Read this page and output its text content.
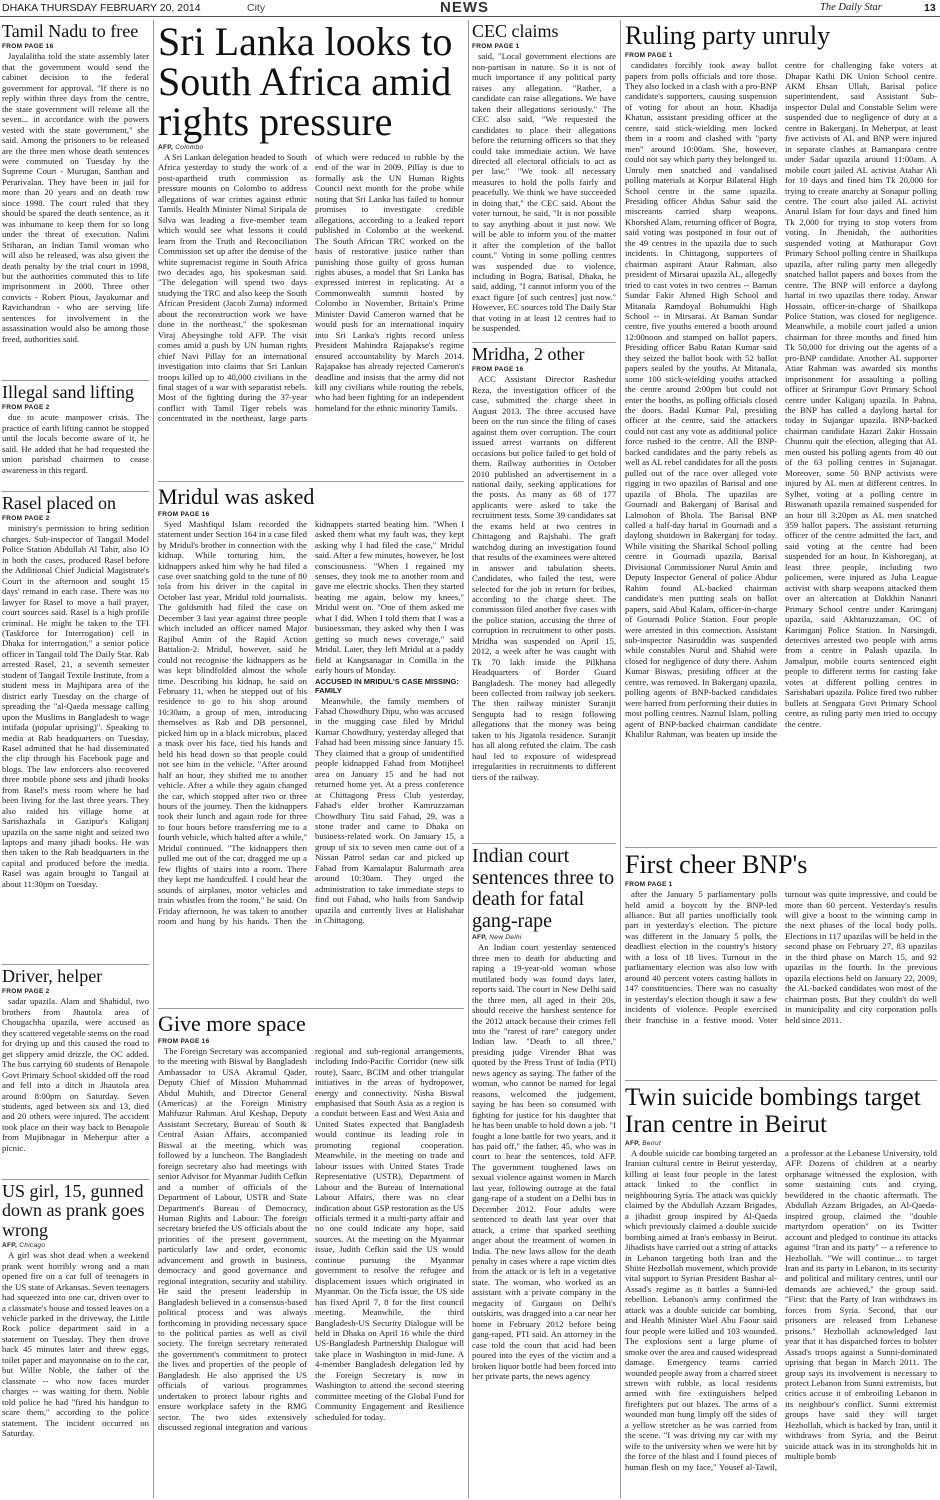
DHAKA THURSDAY FEBRUARY 20, 2014	City	NEWS	The Daily Star	13
Tamil Nadu to free
FROM PAGE 16

Jayalalitha told the state assembly later that the government would send the cabinet decision to the federal government for approval. "If there is no reply within three days from the centre, the state government will release all the seven... in accordance with the powers vested with the state government," she said. Among the prisoners to be released are the three men whose death sentences were commuted on Tuesday by the Supreme Court - Murugan, Santhan and Perarivalan. They have been in jail for more than 20 years and on death row since 1998. The court ruled that they should be spared the death sentence, as it was inhumane to keep them for so long under the threat of execution. Nalini Sriharan, an Indian Tamil woman who will also be released, was also given the death penalty by the trial court in 1998, but the authorities commuted this to life imprisonment in 2000. Three other convicts - Robert Pious, Jayakumar and Ravichandran - who are serving life sentences for involvement in the assassination would also be among those freed, authorities said.

Illegal sand lifting
FROM PAGE 2

due to acute manpower crisis. The practice of earth lifting cannot be stopped until the locals become aware of it, he said. He added that he had requested the union parishad chairmen to cease awareness in this regard.

Rasel placed on
FROM PAGE 2

ministry's permission to bring sedition charges. Sub-inspector of Tangail Model Police Station Abdullah Al Tahir, also IO in both the cases, produced Rasel before the Additional Chief Judicial Magistrate's Court in the afternoon and sought 15 days' remand in each case. There was no lawyer for Rasel to move a bail prayer, court sources said. Rasel is a high profile criminal. He might be taken to the TFI (Taskforce for Interrogation) cell in Dhaka for interrogation," a senior police officer in Tangail told The Daily Star. Rab arrested Rasel, 21, a seventh semester student of Tangail Textile Institute, from a student mess in Majhipara area of the district early Tuesday on the charge of spreading the "al-Qaeda message calling upon the Muslims in Bangladesh to wage intifada (popular uprising)". Speaking to media at Rab headquarters on Tuesday, Rasel admitted that he had disseminated the clip through his Facebook page and blogs. The law enforcers also recovered three mobile phone sets and jihadi books from Rasel's mess room where he had been living for the last three years. They also raided his village home at Sarishazhala in Gazipur's Kaliganj upazila on the same night and seized two laptops and many jihadi books. He was then taken to the Rab headquarters in the capital and produced before the media. Rasel was again brought to Tangail at about 11:30pm on Tuesday.

Driver, helper
FROM PAGE 2

sadar upazila. Alam and Shahidul, two brothers from Jhautola area of Chougachha upazila, were accused as they scattered vegetable stems on the road for drying up and this caused the road to get slippery amid drizzle, the OC added. The bus carrying 60 students of Benapole Govt Primary School skidded off the road and fell into a ditch in Jhautola area around 8:00pm on Saturday. Seven students, aged between six and 13, died and 20 others were injured. The accident took place on their way back to Benapole from Mujibnagar in Meherpur after a picnic.

US girl, 15, gunned down as prank goes wrong
AFP, Chicago

A girl was shot dead when a weekend prank went horribly wrong and a man opened fire on a car full of teenagers in the US state of Arkansas. Seven teenagers had squeezed into one car, driven over to a classmate's house and tossed leaves on a vehicle parked in the driveway, the Little Rock police department said in a statement on Tuesday. They then drove back 45 minutes later and threw eggs, toilet paper and mayonnaise on to the car, but Willie Noble, the father of the classmate -- who now faces murder charges -- was waiting for them. Noble told police he had "fired his handgun to scare them," according to the police statement. The incident occurred on Saturday.

Sri Lanka looks to South Africa amid rights pressure
AFP, Colombo

A Sri Lankan delegation headed to South Africa yesterday to study the work of a post-apartheid truth commission as pressure mounts on Colombo to address allegations of war crimes against ethnic Tamils. Health Minister Nimal Siripala de Silva was leading a five-member team which would see what lessons it could learn from the Truth and Reconciliation Commission set up after the demise of the white supremacist regime in South Africa two decades ago, his spokesman said. "The delegation will spend two days studying the TRC and also keep the South African President (Jacob Zuma) informed about the reconstruction work we have done in the northeast," the spokesman Viraj Abeysinghe told AFP. The visit comes amid a push by UN human rights chief Navi Pillay for an international investigation into claims that Sri Lankan troops killed up to 40,000 civilians in the final stages of a war with separatist rebels. Most of the fighting during the 37-year conflict with Tamil Tiger rebels was concentrated in the northeast, large parts of which were reduced to rubble by the end of the war in 2009. Pillay is due to formally ask the UN Human Rights Council next month for the probe while noting that Sri Lanka has failed to honour promises to investigate credible allegations, according to a leaked report published in Colombo at the weekend. The South African TRC worked on the basis of restorative justice rather than punishing those guilty of gross human rights abuses, a model that Sri Lanka has expressed interest in replicating. At a Commonwealth summit hosted by Colombo in November, Britain's Prime Minister David Cameron warned that he would push for an international inquiry into Sri Lanka's rights record unless President Mahindra Rajapakse's regime ensured accountability by March 2014. Rajapakse has already rejected Cameron's deadline and insists that the army did not kill any civilians while routing the rebels, who had been fighting for an independent homeland for the ethnic minority Tamils.

Mridul was asked
FROM PAGE 16

Syed Mashfiqul Islam recorded the statement under Section 164 in a case filed by Mridul's brother in connection with the kidnap. While torturing him, the kidnappers asked him why he had filed a case over snatching gold to the tune of 80 tola from his driver in the capital in October last year, Mridul told journalists. The goldsmith had filed the case on December 3 last year against three people which included an officer named Major Rajibul Amin of the Rapid Action Battalion-2. Mridul, however, said he could not recognise the kidnappers as he was kept blindfolded almost the whole time. Describing his kidnap, he said on February 11, when he stepped out of his residence to go to his shop around 10:30am, a group of men, introducing themselves as Rab and DB personnel, picked him up in a black microbus, placed a mask over his face, tied his hands and held his head down so that people could not see him in the vehicle. "After around half an hour, they shifted me to another vehicle. After a while they again changed the car, which stopped after two or three hours of the journey. Then the kidnappers took their lunch and again rode for three to four hours before transferring me to a fourth vehicle, which halted after a while," Mridul continued. "The kidnappers then pulled me out of the car, dragged me up a few flights of stairs into a room. There they kept me handcuffed. I could hear the sounds of airplanes, motor vehicles and train whistles from the room," he said. On Friday afternoon, he was taken to another room and hung by his hands. Then the kidnappers started beating him. "When I asked them what my fault was, they kept asking why I had filed the case," Mridul said. After a few minutes, however, he lost consciousness. "When I regained my senses, they took me to another room and gave me electric shocks. Then they started beating me again, below my knees," Mridul went on. "One of them asked me what I did. When I told them that I was a businessman, they asked why then I was getting so much news coverage," said Mridul. Later, they left Mridul at a paddy field at Kangsanagar in Comilla in the early hours of Monday.

ACCUSED IN MRIDUL'S CASE MISSING: FAMILY

Meanwhile, the family members of Fahad Chowdhury Dipu, who was accused in the mugging case filed by Mridul Kumar Chowdhury, yesterday alleged that Fahad had been missing since January 15. They claimed that a group of unidentified people kidnapped Fahad from Motijheel area on January 15 and he had not returned home yet. At a press conference at Chittagong Press Club yesterday, Fahad's elder brother Kamruzzaman Chowdhury Titu said Fahad, 29, was a stone trader and came to Dhaka on business-related work. On January 15, a group of six to seven men came out of a Nissan Patrol sedan car and picked up Fahad from Kamalapur Balurmath area around 10:30am. They urged the administration to take immediate steps to find out Fahad, who hails from Sandwip upazila and currently lives at Halishahar in Chittagong.

Give more space
FROM PAGE 16

The Foreign Secretary was accompanied to the meeting with Biswal by Bangladesh Ambassador to USA Akramul Qader, Deputy Chief of Mission Muhammad Abdul Muhith, and Director General (Americas) at the Foreign Ministry Mahfuzur Rahman. Atul Keshap, Deputy Assistant Secretary, Bureau of South & Central Asian Affairs, accompanied Biswal at the meeting, which was followed by a luncheon. The Bangladesh foreign secretary also had meetings with senior Advisor for Myanmar Judith Cefkin and a number of officials of the Department of Labour, USTR and State Department's Bureau of Democracy, Human Rights and Labour. The foreign secretary briefed the US officials about the priorities of the present government, particularly law and order, economic advancement and growth in business, democracy and good governance and regional integration, security and stability. He said the present leadership in Bangladesh believed in a consensus-based political process and was always forthcoming in providing necessary space to the political parties as well as civil society. The foreign secretary reiterated the government's commitment to protect the lives and properties of the people of Bangladesh. He also apprised the US officials of various programmes undertaken to protect labour rights and ensure workplace safety in the RMG sector. The two sides extensively discussed regional integration and various regional and sub-regional arrangements, including Indo-Pacific Corridor (new silk route), Saarc, BCIM and other triangular initiatives in the areas of hydropower, energy and connectivity. Nisha Biswal emphasised that South Asia as a region is a conduit between East and West Asia and United States expected that Bangladesh would continue its leading role in promoting regional cooperation. Meanwhile, in the meeting on trade and labour issues with United States Trade Representative (USTR), Department of Labour and the Bureau of International Labour Affairs, there was no clear indication about GSP restoration as the US officials termed it a multi-party affair and no one could indicate any hope, said sources. At the meeting on the Myanmar issue, Judith Cefkin said the US would continue pursuing the Myanmar government to resolve the refugee and displacement issues which originated in Myanmar. On the Ticfa issue, the US side has fixed April 7, 8 for the first council meeting. Meanwhile, the third Bangladesh-US Security Dialogue will be held in Dhaka on April 16 while the third US-Bangladesh Partnership Dialogue will take place in Washington in mid-June. A 4-member Bangladesh delegation led by the Foreign Secretary is now in Washington to attend the second steering committee meeting of the Global Fund for Community Engagement and Resilience scheduled for today.

CEC claims
FROM PAGE 1

said, "Local government elections are non-partisan in nature. So it is not of much importance if any political party raises any allegation. "Rather, a candidate can raise allegations. We have taken their allegations seriously." The CEC also said, "We requested the candidates to place their allegations before the returning officers so that they could take immediate action. We have directed all electoral officials to act as per law." "We took all necessary measures to hold the polls fairly and peacefully. We think we have succeeded in doing that," the CEC said. About the voter turnout, he said, "It is not possible to say anything about it just now. We will be able to inform you of the matter it after the completion of the ballot count." Voting in some polling centres was suspended due to violence, including in Bogra, Barisal, Dhaka, he said, adding, "I cannot inform you of the exact figure [of such centres] just now." However, EC sources told The Daily Star that voting in at least 12 centres had to be suspended.

Mridha, 2 other
FROM PAGE 16

ACC Assistant Director Rashedur Reza, the investigation officer of the case, submitted the charge sheet in August 2013. The three accused have been on the run since the filing of cases against them over corruption. The court issued arrest warrants on different occasions but police failed to get hold of them. Railway authorities in October 2010 published an advertisement in a national daily, seeking applications for the posts. As many as 68 of 177 applicants were asked to take the recruitment tests. Some 39 candidates sat the exams held at two centres in Chittagong and Rajshahi. The graft watchdog during an investigation found that results of the examinees were altered in answer and tabulation sheets. Candidates, who failed the test, were selected for the job in return for bribes, according to the charge sheet. The commission filed another five cases with the police station, accusing the three of corruption in recruitment to other posts. Mridha was suspended on April 15, 2012, a week after he was caught with Tk 70 lakh inside the Pilkhana Headquarters of Border Guard Bangladesh. The money had allegedly been collected from railway job seekers. The then railway minister Suranjit Sengupta had to resign following allegations that the money was being taken to his Jigatola residence. Suranjit has all along refuted the claim. The cash haul led to exposure of widespread irregularities in recruitments to different tiers of the railway.

Indian court sentences three to death for fatal gang-rape
AFP, New Delhi

An Indian court yesterday sentenced three men to death for abducting and raping a 19-year-old woman whose mutilated body was found days later, reports said. The court in New Delhi said the three men, all aged in their 20s, should receive the harshest sentence for the 2012 attack because their crimes fell into the "rarest of rare" category under Indian law. "Death to all three," presiding judge Virender Bhat was quoted by the Press Trust of India (PTI) news agency as saying. The father of the woman, who cannot be named for legal reasons, welcomed the judgement, saying he has been so consumed with fighting for justice for his daughter that he has been unable to hold down a job. "I fought a lone battle for two years, and it has paid off," the father, 45, who was in court to hear the sentences, told AFP. The government toughened laws on sexual violence against women in March last year, following outrage at the fatal gang-rape of a student on a Delhi bus in December 2012. Four adults were sentenced to death last year over that attack, a crime that sparked seething anger about the treatment of women in India. The new laws allow for the death penalty in cases where a rape victim dies from the attack or is left in a vegetative state. The woman, who worked as an assistant with a private company in the megacity of Gurgaon on Delhi's outskirts, was dragged into a car near her home in February 2012 before being gang-raped, PTI said. An attorney in the case told the court that acid had been poured into the eyes of the victim and a broken liquor bottle had been forced into her private parts, the news agency

Ruling party unruly
FROM PAGE 1

candidates forcibly took away ballot papers from polls officials and tore those. They also locked in a clash with a pro-BNP candidate's supporters, causing suspension of voting for about an hour. Khadija Khatun, assistant presiding officer at the centre, said stick-wielding men locked them in a room and clashed with "party men" around 10:00am. She, however, could not say which party they belonged to. Unruly men snatched and vandalised polling materials at Korpur Bilateral High School centre in the same upazila. Presiding officer Abdus Sabur said the miscreants carried sharp weapons. Khorshed Alam, returning officer of Bogra, said voting was postponed in four out of the 49 centres in the upazila due to such incidents. In Chittagong, supporters of chairman aspirant Ataur Rahman, also president of Mirsarai upazila AL, allegedly tried to cast votes in two centres -- Baman Sundar Fakir Ahmed High School and Mitanala Ramdoyal Bohumukhi High School -- in Mirsarai. At Baman Sundar centre, five youths entered a booth around 12:00noon and stamped on ballot papers. Presiding officer Babu Ratan Kumar said they seized the ballot book with 52 ballot papers sealed by the youths. At Mitanala, some 100 stick-wielding youths attacked the centre around 2:00pm but could not enter the booths, as polling officials closed the doors. Badal Kumar Pal, presiding officer at the centre, said the attackers could not cast any vote as additional police force rushed to the centre. All the BNP-backed candidates and the party rebels as well as AL rebel candidates for all the posts pulled out of the race over alleged vote rigging in two upazilas of Barisal and one upazila of Bhola. The upazilas are Gournadi and Bakerganj of Barisal and Lalmohon of Bhola. The Barisal BNP called a half-day hartal in Gournadi and a daylong shutdown in Bakerganj for today. While visiting the Sharikal School polling centre in Gournadi upazila, Barisal Divisional Commissioner Nurul Amin and Deputy Inspector General of police Abdur Rahim found AL-backed chairman candidate's men putting seals on ballot papers, said Abul Kalam, officer-in-charge of Gournadi Police Station. Four people were arrested in this connection. Assistant sub-inspector Nasiruddin was suspended while constables Nurul and Shahid were closed for negligence of duty there. Ashim Kumar Biswas, presiding officer at the centre, was removed. In Bakerganj upazila, polling agents of BNP-backed candidates were barred from performing their duties in most polling centres. Naznul Islam, polling agent of BNP-backed chairman candidate Khalilur Rahman, was beaten up inside the centre for challenging fake voters at Dhapar Kathi DK Union School centre. AKM Ehsan Ullah, Barisal police superintendent, said Assistant Sub-inspector Dulal and Constable Selim were suspended due to negligence of duty at a centre in Bakerganj. In Meherpur, at least five activists of AL and BNP were injured in separate clashes at Bamanpara centre under Sadar upazila around 11:00am. A mobile court jailed AL activist Atahar Ali for 10 days and fined him Tk 20,000 for trying to create anarchy at Sonapur polling centre. The court also jailed AL activist Anarul Islam for four days and fined him Tk 2,000 for trying to stop voters from voting. In Jhenidah, the authorities suspended voting at Mathurapur Govt Primary School polling centre in Shailkupa upazila, after ruling party men allegedly snatched ballot papers and boxes from the centre. The BNP will enforce a daylong hartal in two upazilas there today. Anwar Hossain, officer-in-charge of Shailkupa Police Station, was closed for negligence. Meanwhile, a mobile court jailed a union chairman for three months and fined him Tk 50,000 for driving out the agents of a pro-BNP candidate. Another AL supporter Atiar Rahman was awarded six months imprisonment for assaulting a polling officer at Srirampur Govt Primary School centre under Kaliganj upazila. In Pabna, the BNP has called a daylong hartal for today in Sujangar upazila. BNP-backed chairman candidate Hazari Zakir Hossain Chunnu quit the election, alleging that AL men ousted his polling agents from 40 out of the 63 polling centres in Sujanagar. Moreover, some 50 BNP activists were injured by AL men at different centres. In Sylhet, voting at a polling centre in Biswanath upazila remained suspended for an hour till 3:20pm as AL men snatched 359 ballot papers. The assistant returning officer of the centre admitted the fact, and said voting at the centre had been suspended for an hour. In Kishoreganj, at least three people, including two policemen, were injured as Juba League activist with sharp weapons attacked them over an altercation at Dakkhin Nanasri Primary School centre under Karimganj upazila, said Akhtaruzzaman, OC of Karimganj Police Station. In Narsingdi, detectives arrested two people with arms from a centre in Palash upazila. In Jamalpur, mobile courts sentenced eight people to different terms for casting fake votes at different polling centres in Sarishabari upazila. Police fired two rubber bullets at Sengpara Govt Primary School centre, as ruling party men tried to occupy the centre.

First cheer BNP's
FROM PAGE 1

after the January 5 parliamentary polls held amid a boycott by the BNP-led alliance. But all parties unofficially took part in yesterday's election. The picture was different in the January 5 polls, the deadliest election in the country's history with a loss of 18 lives. Turnout in the parliamentary election was also low with around 40 percent voters casting ballots in 147 constituencies. There was no casualty in yesterday's election though it saw a few incidents of violence. People exercised their franchise in a festive mood. Voter turnout was quite impressive, and could be more than 60 percent. Yesterday's results will give a boost to the winning camp in the next phases of the local body polls. Elections in 117 upazilas will be held in the second phase on February 27, 83 upazilas in the third phase on March 15, and 92 upazilas in the fourth. In the previous upazila elections held on January 22, 2009, the AL-backed candidates won most of the chairman posts. But they couldn't do well in municipality and city corporation polls held since 2011.

Twin suicide bombings target Iran centre in Beirut
AFP, Beirut

A double suicide car bombing targeted an Iranian cultural centre in Beirut yesterday, killing at least four people in the latest attack linked to the conflict in neighbouring Syria. The attack was quickly claimed by the Abdullah Azzam Brigades, a jihadist group inspired by Al-Qaeda which previously claimed a double suicide bombing aimed at Iran's embassy in Beirut. Jihadists have carried out a string of attacks in Lebanon targeting both Iran and the Shiite Hezbollah movement, which provide vital support to Syrian President Bashar al-Assad's regime as it battles a Sunni-led rebellion. Lebanon's army confirmed the attack was a double suicide car bombing, and Health Minister Wael Abu Faour said four people were killed and 103 wounded. The explosions sent a large plume of smoke over the area and caused widespread damage. Emergency teams carried wounded people away from a charred street strewn with rubble, as local residents armed with fire extinguishers helped firefighters put out blazes. The arms of a wounded man hung limply off the sides of a yellow stretcher as he was carried from the scene. "I was driving my car with my wife to the university when we were hit by the force of the blast and I found pieces of human flesh on my face," Yousef al-Tawil, a professor at the Lebanese University, told AFP. Dozens of children at a nearby orphanage witnessed the explosion, with some sustaining cuts and crying, bewildered in the chaotic aftermath. The Abdullah Azzam Brigades, an Al-Qaeda-inspired group, claimed the "double martyrdom operation" on its Twitter account and pledged to continue its attacks against "Iran and its party" -- a reference to Hezbollah. "We will continue... to target Iran and its party in Lebanon, in its security and political and military centres, until our demands are achieved," the group said. "First: that the Party of Iran withdraws its forces from Syria. Second, that our prisoners are released from Lebanese prisons." Hezbollah acknowledged last year that it has dispatched forces to bolster Assad's troops against a Sunni-dominated uprising that began in March 2011. The group says its involvement is necessary to protect Lebanon from Sunni extremists, but critics accuse it of embroiling Lebanon in its neighbour's conflict. Sunni extremist groups have said they will target Hezbollah, which is backed by Iran, until it withdraws from Syria, and the Beirut suicide attack was in its strongholds hit in multiple bomb
